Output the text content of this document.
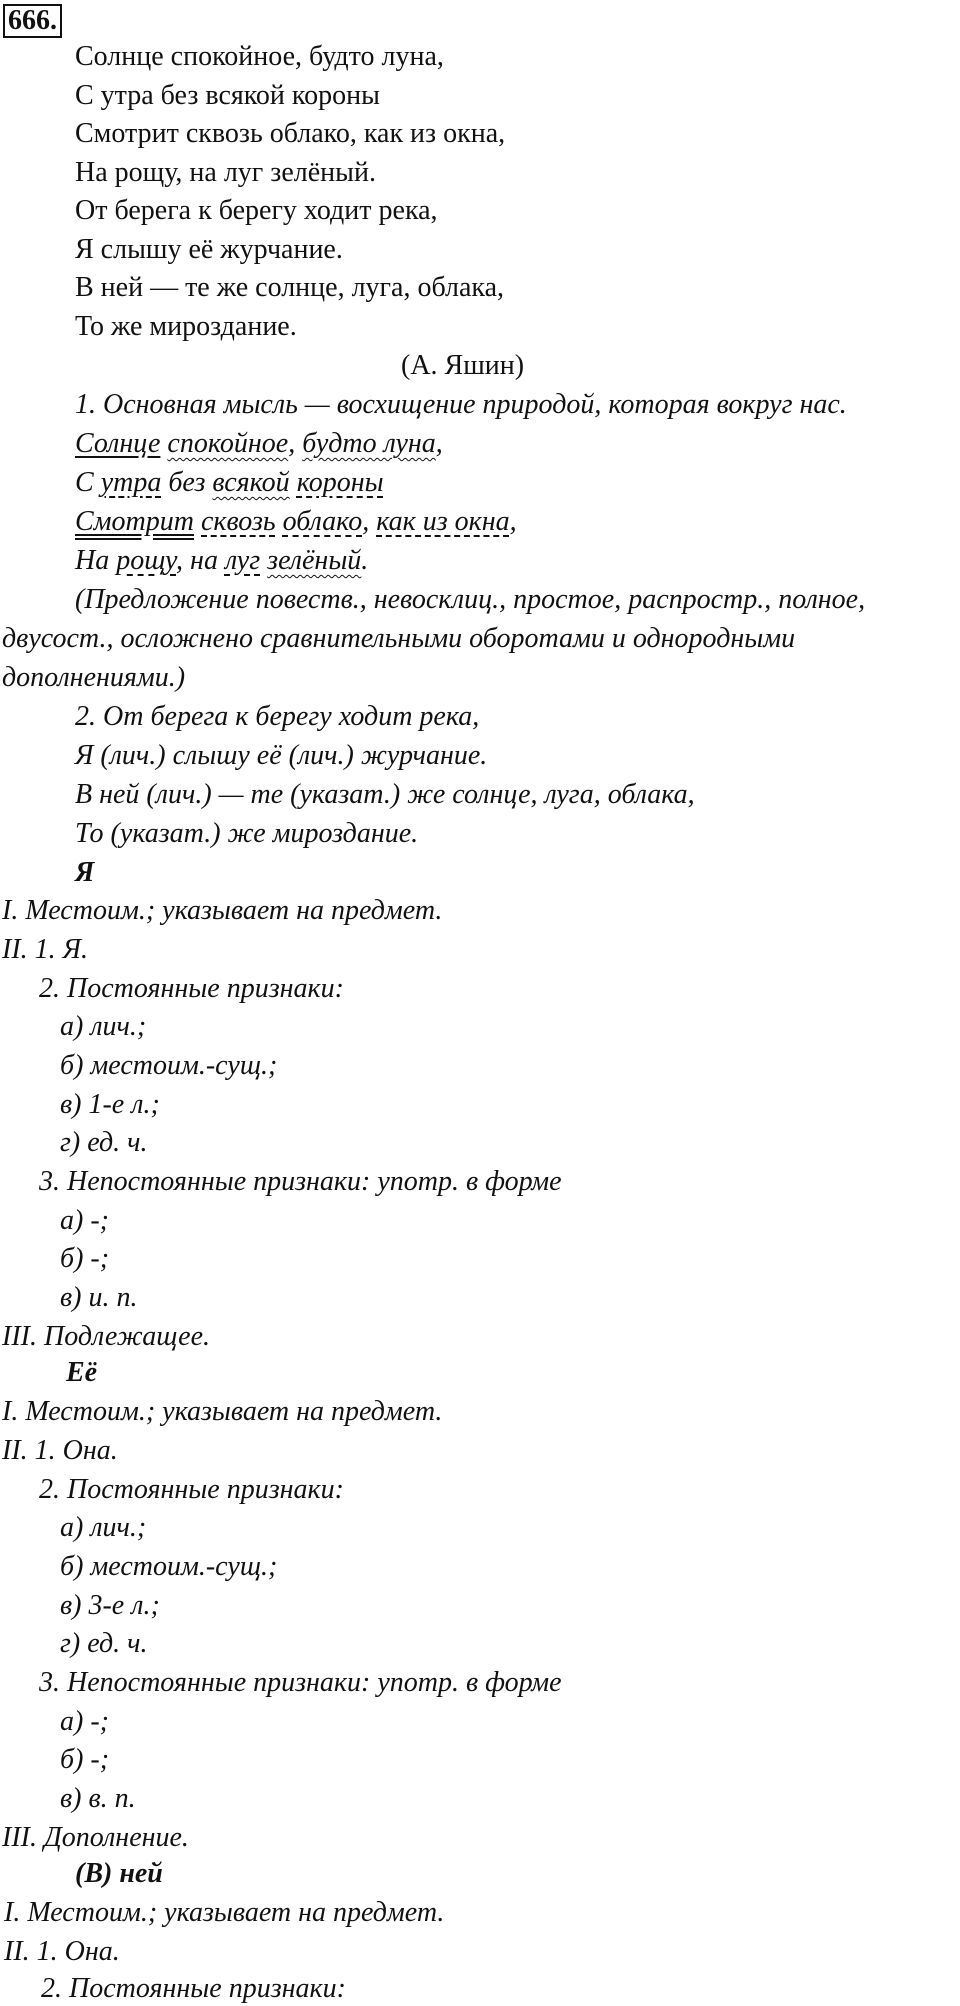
666.
Солнце спокойное, будто луна,
С утра без всякой короны
Смотрит сквозь облако, как из окна,
На рощу, на луг зелёный.
От берега к берегу ходит река,
Я слышу её журчание.
В ней — те же солнце, луга, облака,
То же мироздание.
(А. Яшин)
1. Основная мысль — восхищение природой, которая вокруг нас.
Солнце спокойное, будто луна,
С утра без всякой короны
Смотрит сквозь облако, как из окна,
На рощу, на луг зелёный.
(Предложение повеств., невосклиц., простое, распростр., полное,
двусост., осложнено сравнительными оборотами и однородными
дополнениями.)
2. От берега к берегу ходит река,
Я (лич.) слышу её (лич.) журчание.
В ней (лич.) — те (указат.) же солнце, луга, облака,
То (указат.) же мироздание.
Я
I. Местоим.; указывает на предмет.
II. 1. Я.
2. Постоянные признаки:
а) лич.;
б) местоим.-сущ.;
в) 1-е л.;
г) ед. ч.
3. Непостоянные признаки: употр. в форме
а) -;
б) -;
в) и. п.
III. Подлежащее.
Её
I. Местоим.; указывает на предмет.
II. 1. Она.
2. Постоянные признаки:
а) лич.;
б) местоим.-сущ.;
в) 3-е л.;
г) ед. ч.
3. Непостоянные признаки: употр. в форме
а) -;
б) -;
в) в. п.
III. Дополнение.
(В) ней
I. Местоим.; указывает на предмет.
II. 1. Она.
2. Постоянные признаки:
